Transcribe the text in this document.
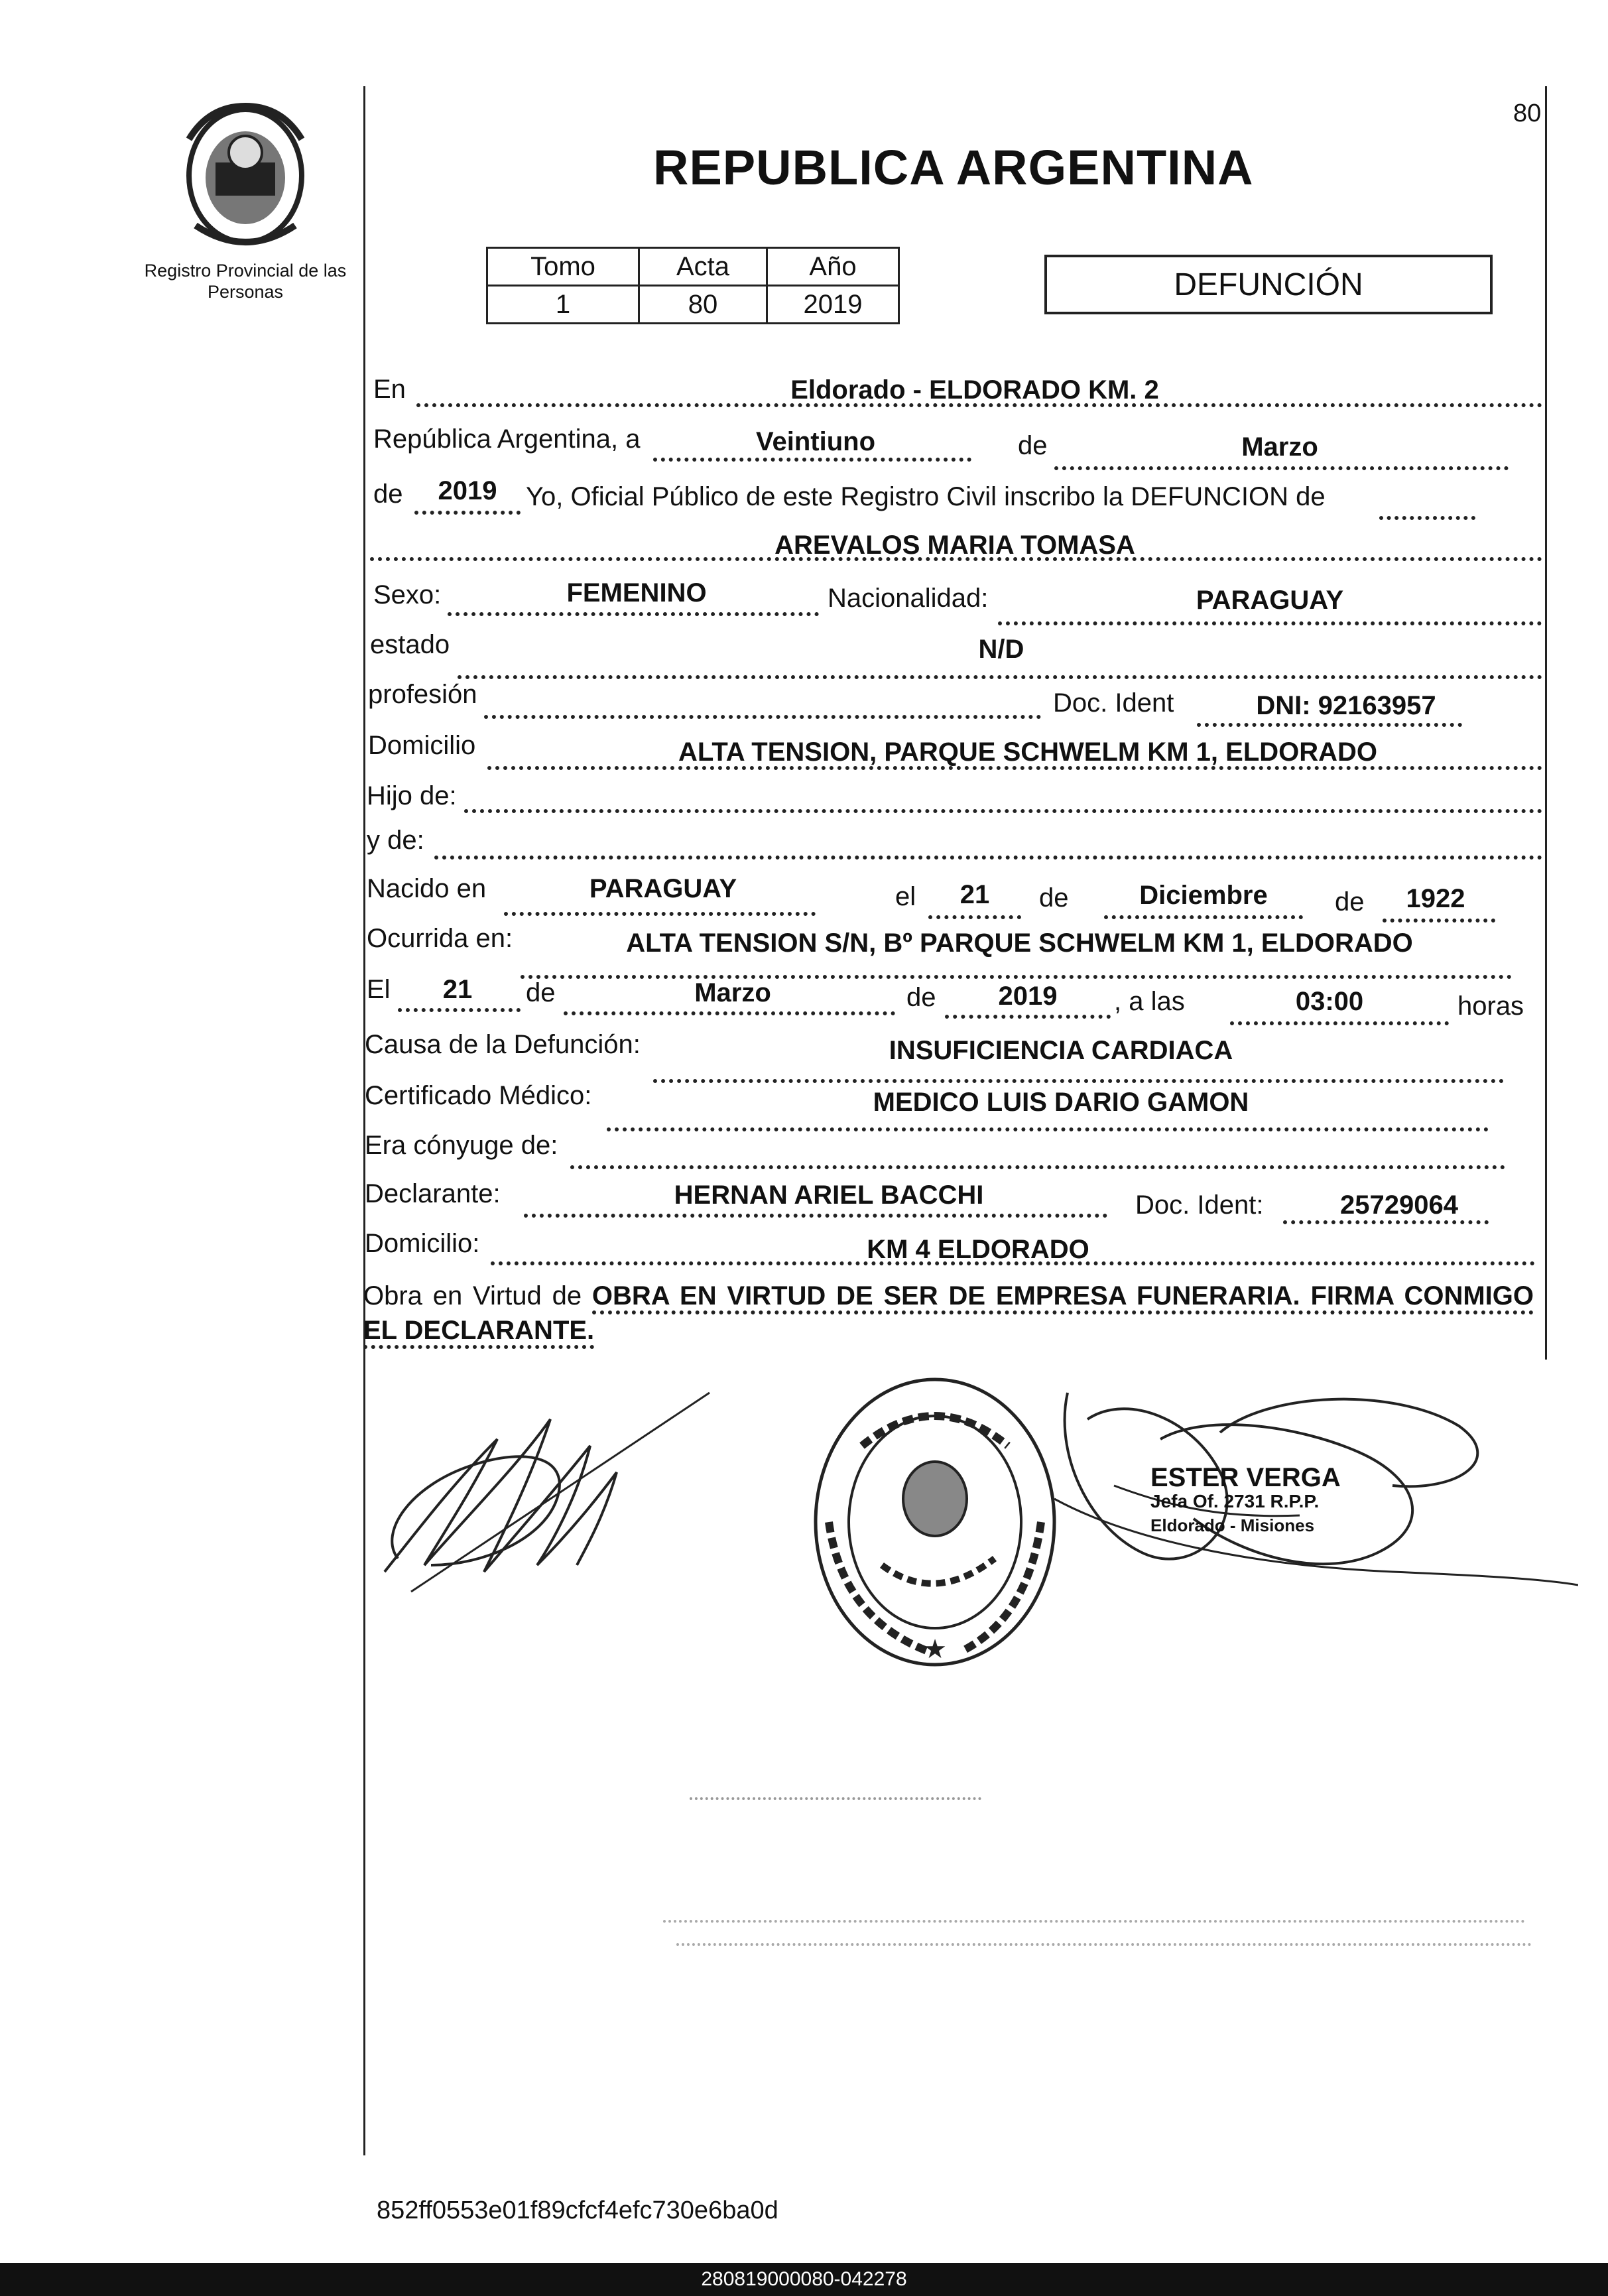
80
Registro Provincial de las Personas
REPUBLICA ARGENTINA
Tomo	Acta	Año
1	80	2019
DEFUNCIÓN
En	Eldorado - ELDORADO KM. 2
República Argentina, a	Veintiuno	de	Marzo
de	2019	Yo, Oficial Público de este Registro Civil inscribo la DEFUNCION de
AREVALOS MARIA TOMASA
Sexo:	FEMENINO	Nacionalidad:	PARAGUAY
estado	N/D
profesión	Doc. Ident	DNI: 92163957
Domicilio	ALTA TENSION, PARQUE SCHWELM KM 1, ELDORADO
Hijo de:
y de:
Nacido en	PARAGUAY	el	21	de	Diciembre	de	1922
Ocurrida en:	ALTA TENSION S/N, Bº PARQUE SCHWELM KM 1, ELDORADO
El	21	de	Marzo	de	2019	, a las	03:00	horas
Causa de la Defunción:	INSUFICIENCIA CARDIACA
Certificado Médico:	MEDICO LUIS DARIO GAMON
Era cónyuge de:
Declarante:	HERNAN ARIEL BACCHI	Doc. Ident:	25729064
Domicilio:	KM 4 ELDORADO
Obra en Virtud de OBRA EN VIRTUD DE SER DE EMPRESA FUNERARIA. FIRMA CONMIGO EL DECLARANTE.
★
ESTER VERGA
Jefa Of. 2731 R.P.P.
Eldorado - Misiones
852ff0553e01f89cfcf4efc730e6ba0d
280819000080-042278
